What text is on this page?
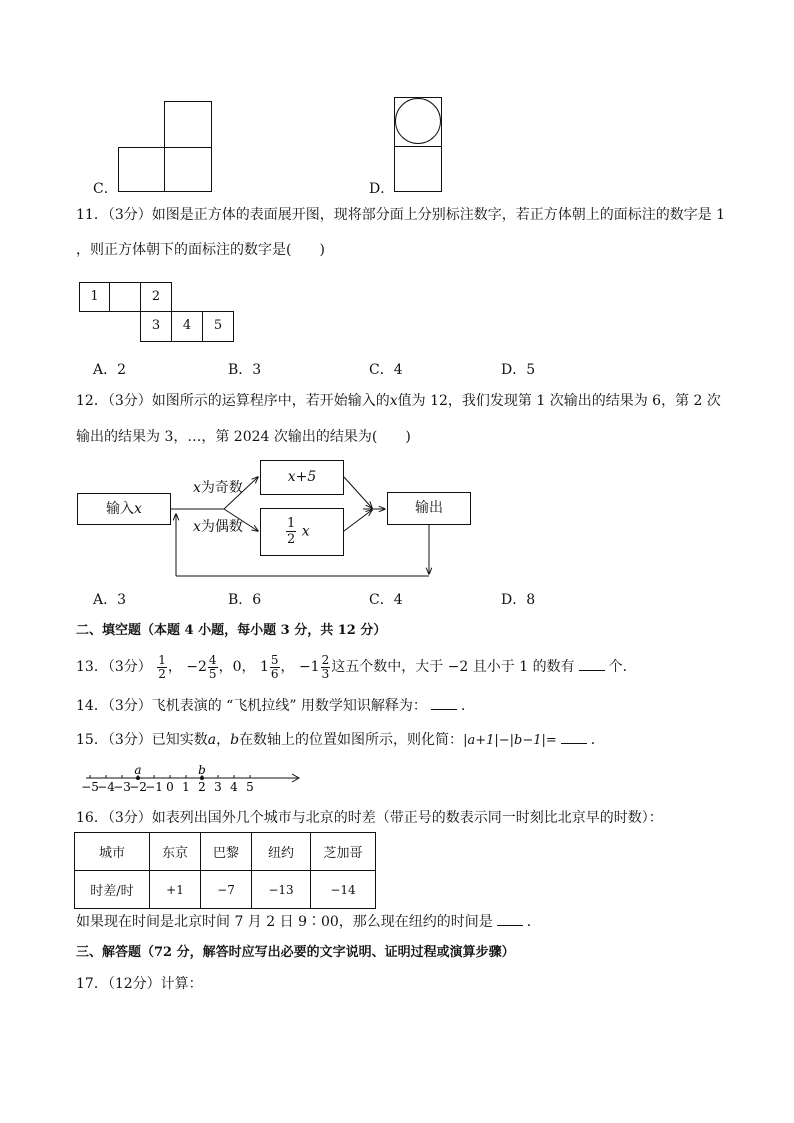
C．	D．
11．（3分）如图是正方体的表面展开图，现将部分面上分别标注数字，若正方体朝上的面标注的数字是 1
，则正方体朝下的面标注的数字是(　　)
1	2
3	4	5
A．2	B．3	C．4	D．5
12．（3分）如图所示的运算程序中，若开始输入的x值为 12，我们发现第 1 次输出的结果为 6，第 2 次
输出的结果为 3，…，第 2024 次输出的结果为(　　)
输入x
x+5
$\frac{1}{2}$ x
输出
x为奇数
x为偶数
A．3	B．6	C．4	D．8
二、填空题（本题 4 小题，每小题 3 分，共 12 分）
13．（3分） $\frac{1}{2}$ ， $-2 \frac{4}{5}$ ，0， $1 \frac{5}{6}$ ， $-1 \frac{2}{3}$ 这五个数中，大于 −2 且小于 1 的数有 个．
14．（3分）飞机表演的 “飞机拉线” 用数学知识解释为： ．
15．（3分）已知实数a，b在数轴上的位置如图所示，则化简：|a+1|−|b−1|= ．
−5
−4
−3
−2
−1 0 1 2 3 4 5
a	b
16．（3分）如表列出国外几个城市与北京的时差（带正号的数表示同一时刻比北京早的时数）：
城市	东京	巴黎	纽约	芝加哥
时差/时	+1	−7	−13	−14
如果现在时间是北京时间 7 月 2 日 9∶00，那么现在纽约的时间是 ．
三、解答题（72 分，解答时应写出必要的文字说明、证明过程或演算步骤）
17．（12分）计算：
